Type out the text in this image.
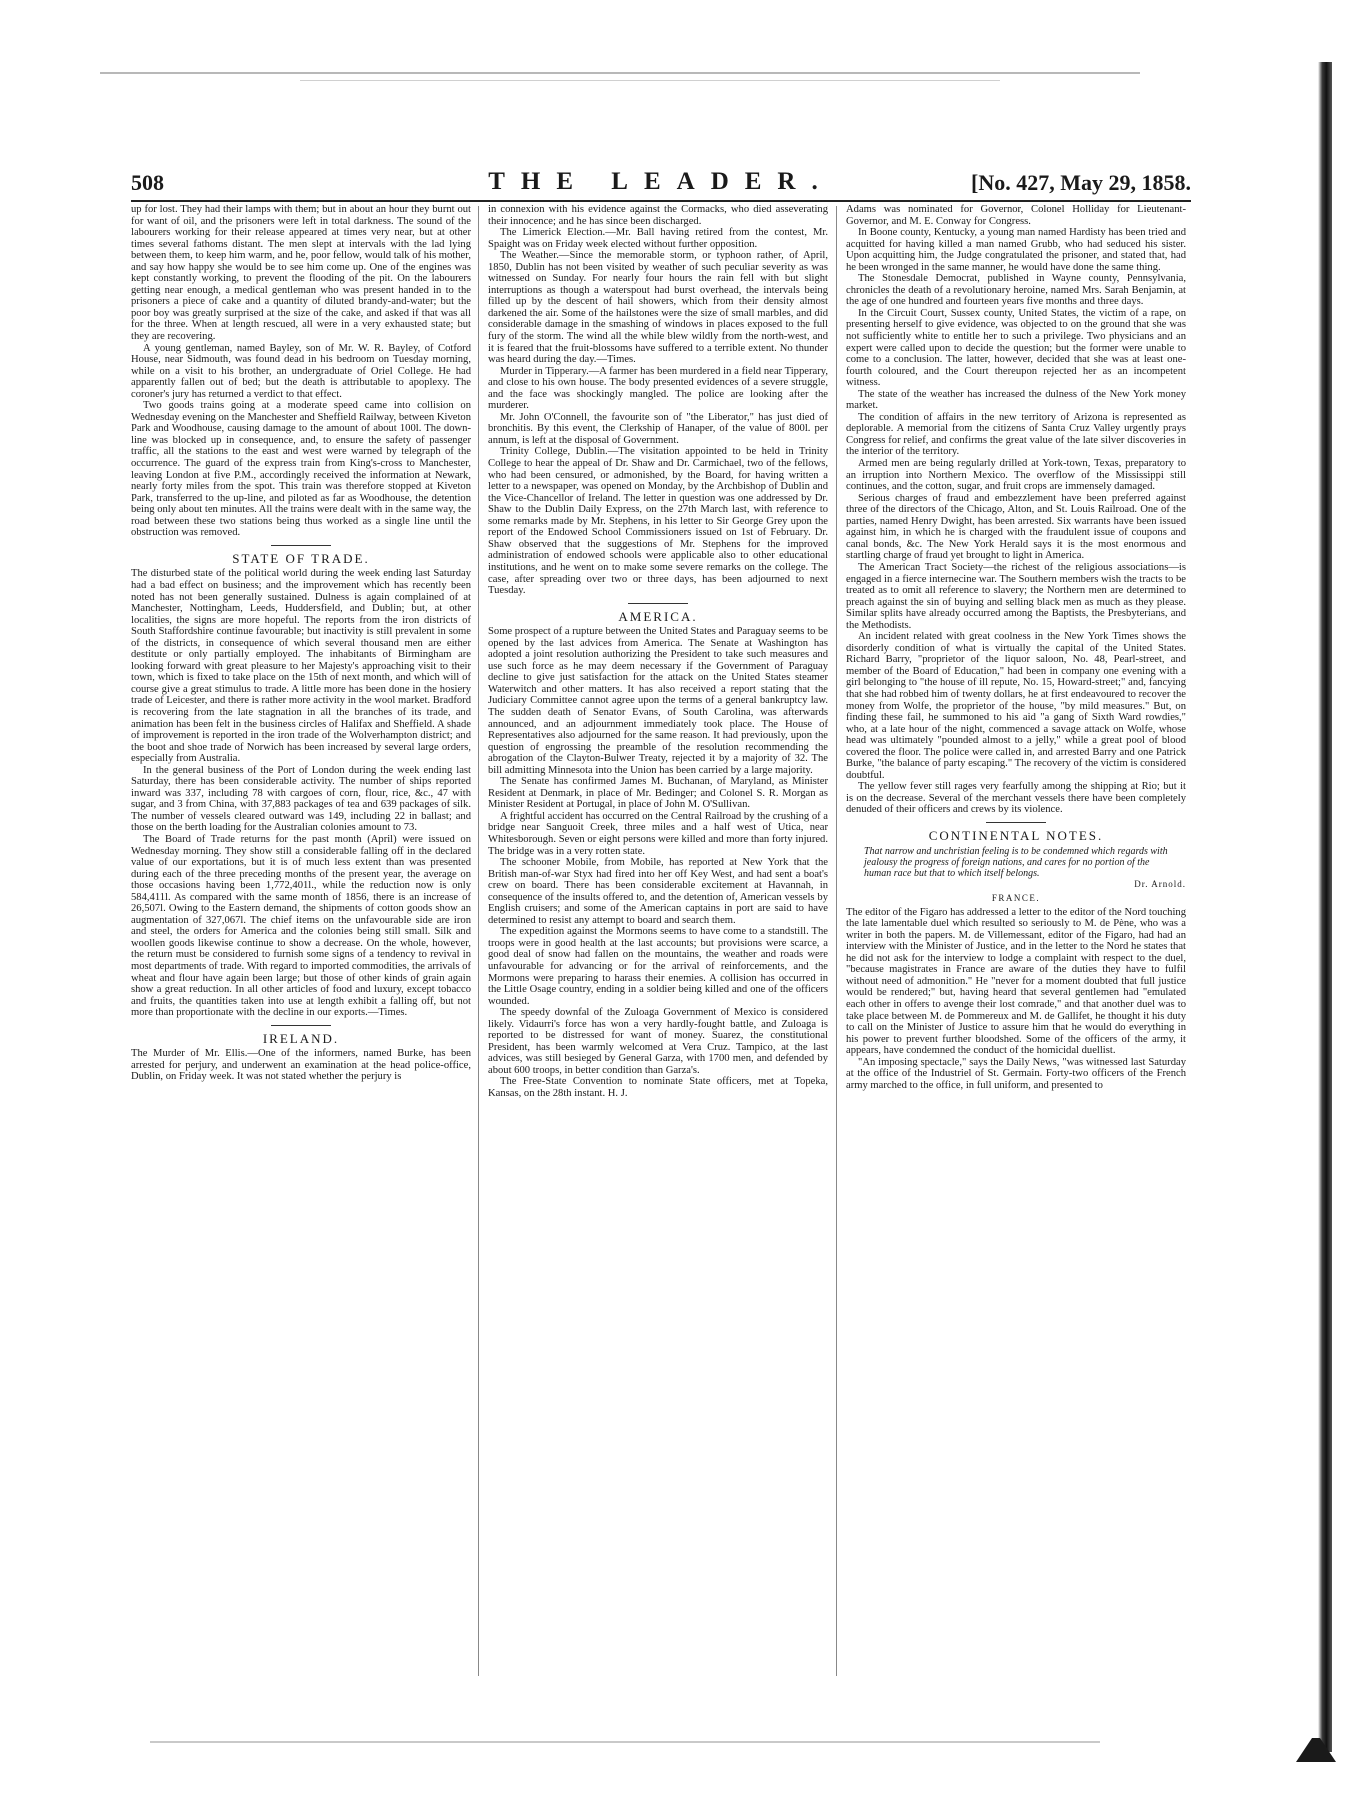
508	THE LEADER.	[No. 427, May 29, 1858.

up for lost. They had their lamps with them; but in about an hour they burnt out for want of oil, and the prisoners were left in total darkness. The sound of the labourers working for their release appeared at times very near, but at other times several fathoms distant. The men slept at intervals with the lad lying between them, to keep him warm, and he, poor fellow, would talk of his mother, and say how happy she would be to see him come up. One of the engines was kept constantly working, to prevent the flooding of the pit. On the labourers getting near enough, a medical gentleman who was present handed in to the prisoners a piece of cake and a quantity of diluted brandy-and-water; but the poor boy was greatly surprised at the size of the cake, and asked if that was all for the three. When at length rescued, all were in a very exhausted state; but they are recovering.

A young gentleman, named Bayley, son of Mr. W. R. Bayley, of Cotford House, near Sidmouth, was found dead in his bedroom on Tuesday morning, while on a visit to his brother, an undergraduate of Oriel College. He had apparently fallen out of bed; but the death is attributable to apoplexy. The coroner's jury has returned a verdict to that effect.

Two goods trains going at a moderate speed came into collision on Wednesday evening on the Manchester and Sheffield Railway, between Kiveton Park and Woodhouse, causing damage to the amount of about 100l. The down-line was blocked up in consequence, and, to ensure the safety of passenger traffic, all the stations to the east and west were warned by telegraph of the occurrence. The guard of the express train from King's-cross to Manchester, leaving London at five P.M., accordingly received the information at Newark, nearly forty miles from the spot. This train was therefore stopped at Kiveton Park, transferred to the up-line, and piloted as far as Woodhouse, the detention being only about ten minutes. All the trains were dealt with in the same way, the road between these two stations being thus worked as a single line until the obstruction was removed.

STATE OF TRADE.

The disturbed state of the political world during the week ending last Saturday had a bad effect on business; and the improvement which has recently been noted has not been generally sustained. Dulness is again complained of at Manchester, Nottingham, Leeds, Huddersfield, and Dublin; but, at other localities, the signs are more hopeful. The reports from the iron districts of South Staffordshire continue favourable; but inactivity is still prevalent in some of the districts, in consequence of which several thousand men are either destitute or only partially employed. The inhabitants of Birmingham are looking forward with great pleasure to her Majesty's approaching visit to their town, which is fixed to take place on the 15th of next month, and which will of course give a great stimulus to trade. A little more has been done in the hosiery trade of Leicester, and there is rather more activity in the wool market. Bradford is recovering from the late stagnation in all the branches of its trade, and animation has been felt in the business circles of Halifax and Sheffield. A shade of improvement is reported in the iron trade of the Wolverhampton district; and the boot and shoe trade of Norwich has been increased by several large orders, especially from Australia.

In the general business of the Port of London during the week ending last Saturday, there has been considerable activity. The number of ships reported inward was 337, including 78 with cargoes of corn, flour, rice, &c., 47 with sugar, and 3 from China, with 37,883 packages of tea and 639 packages of silk. The number of vessels cleared outward was 149, including 22 in ballast; and those on the berth loading for the Australian colonies amount to 73.

The Board of Trade returns for the past month (April) were issued on Wednesday morning. They show still a considerable falling off in the declared value of our exportations, but it is of much less extent than was presented during each of the three preceding months of the present year, the average on those occasions having been 1,772,401l., while the reduction now is only 584,411l. As compared with the same month of 1856, there is an increase of 26,507l. Owing to the Eastern demand, the shipments of cotton goods show an augmentation of 327,067l. The chief items on the unfavourable side are iron and steel, the orders for America and the colonies being still small. Silk and woollen goods likewise continue to show a decrease. On the whole, however, the return must be considered to furnish some signs of a tendency to revival in most departments of trade. With regard to imported commodities, the arrivals of wheat and flour have again been large; but those of other kinds of grain again show a great reduction. In all other articles of food and luxury, except tobacco and fruits, the quantities taken into use at length exhibit a falling off, but not more than proportionate with the decline in our exports.—Times.

IRELAND.

The Murder of Mr. Ellis.—One of the informers, named Burke, has been arrested for perjury, and underwent an examination at the head police-office, Dublin, on Friday week. It was not stated whether the perjury is

in connexion with his evidence against the Cormacks, who died asseverating their innocence; and he has since been discharged.

The Limerick Election.—Mr. Ball having retired from the contest, Mr. Spaight was on Friday week elected without further opposition.

The Weather.—Since the memorable storm, or typhoon rather, of April, 1850, Dublin has not been visited by weather of such peculiar severity as was witnessed on Sunday. For nearly four hours the rain fell with but slight interruptions as though a waterspout had burst overhead, the intervals being filled up by the descent of hail showers, which from their density almost darkened the air. Some of the hailstones were the size of small marbles, and did considerable damage in the smashing of windows in places exposed to the full fury of the storm. The wind all the while blew wildly from the north-west, and it is feared that the fruit-blossoms have suffered to a terrible extent. No thunder was heard during the day.—Times.

Murder in Tipperary.—A farmer has been murdered in a field near Tipperary, and close to his own house. The body presented evidences of a severe struggle, and the face was shockingly mangled. The police are looking after the murderer.

Mr. John O'Connell, the favourite son of "the Liberator," has just died of bronchitis. By this event, the Clerkship of Hanaper, of the value of 800l. per annum, is left at the disposal of Government.

Trinity College, Dublin.—The visitation appointed to be held in Trinity College to hear the appeal of Dr. Shaw and Dr. Carmichael, two of the fellows, who had been censured, or admonished, by the Board, for having written a letter to a newspaper, was opened on Monday, by the Archbishop of Dublin and the Vice-Chancellor of Ireland. The letter in question was one addressed by Dr. Shaw to the Dublin Daily Express, on the 27th March last, with reference to some remarks made by Mr. Stephens, in his letter to Sir George Grey upon the report of the Endowed School Commissioners issued on 1st of February. Dr. Shaw observed that the suggestions of Mr. Stephens for the improved administration of endowed schools were applicable also to other educational institutions, and he went on to make some severe remarks on the college. The case, after spreading over two or three days, has been adjourned to next Tuesday.

AMERICA.

Some prospect of a rupture between the United States and Paraguay seems to be opened by the last advices from America. The Senate at Washington has adopted a joint resolution authorizing the President to take such measures and use such force as he may deem necessary if the Government of Paraguay decline to give just satisfaction for the attack on the United States steamer Waterwitch and other matters. It has also received a report stating that the Judiciary Committee cannot agree upon the terms of a general bankruptcy law. The sudden death of Senator Evans, of South Carolina, was afterwards announced, and an adjournment immediately took place. The House of Representatives also adjourned for the same reason. It had previously, upon the question of engrossing the preamble of the resolution recommending the abrogation of the Clayton-Bulwer Treaty, rejected it by a majority of 32. The bill admitting Minnesota into the Union has been carried by a large majority.

The Senate has confirmed James M. Buchanan, of Maryland, as Minister Resident at Denmark, in place of Mr. Bedinger; and Colonel S. R. Morgan as Minister Resident at Portugal, in place of John M. O'Sullivan.

A frightful accident has occurred on the Central Railroad by the crushing of a bridge near Sanguoit Creek, three miles and a half west of Utica, near Whitesborough. Seven or eight persons were killed and more than forty injured. The bridge was in a very rotten state.

The schooner Mobile, from Mobile, has reported at New York that the British man-of-war Styx had fired into her off Key West, and had sent a boat's crew on board. There has been considerable excitement at Havannah, in consequence of the insults offered to, and the detention of, American vessels by English cruisers; and some of the American captains in port are said to have determined to resist any attempt to board and search them.

The expedition against the Mormons seems to have come to a standstill. The troops were in good health at the last accounts; but provisions were scarce, a good deal of snow had fallen on the mountains, the weather and roads were unfavourable for advancing or for the arrival of reinforcements, and the Mormons were preparing to harass their enemies. A collision has occurred in the Little Osage country, ending in a soldier being killed and one of the officers wounded.

The speedy downfal of the Zuloaga Government of Mexico is considered likely. Vidaurri's force has won a very hardly-fought battle, and Zuloaga is reported to be distressed for want of money. Suarez, the constitutional President, has been warmly welcomed at Vera Cruz. Tampico, at the last advices, was still besieged by General Garza, with 1700 men, and defended by about 600 troops, in better condition than Garza's.

The Free-State Convention to nominate State officers, met at Topeka, Kansas, on the 28th instant. H. J.

Adams was nominated for Governor, Colonel Holliday for Lieutenant-Governor, and M. E. Conway for Congress.

In Boone county, Kentucky, a young man named Hardisty has been tried and acquitted for having killed a man named Grubb, who had seduced his sister. Upon acquitting him, the Judge congratulated the prisoner, and stated that, had he been wronged in the same manner, he would have done the same thing.

The Stonesdale Democrat, published in Wayne county, Pennsylvania, chronicles the death of a revolutionary heroine, named Mrs. Sarah Benjamin, at the age of one hundred and fourteen years five months and three days.

In the Circuit Court, Sussex county, United States, the victim of a rape, on presenting herself to give evidence, was objected to on the ground that she was not sufficiently white to entitle her to such a privilege. Two physicians and an expert were called upon to decide the question; but the former were unable to come to a conclusion. The latter, however, decided that she was at least one-fourth coloured, and the Court thereupon rejected her as an incompetent witness.

The state of the weather has increased the dulness of the New York money market.

The condition of affairs in the new territory of Arizona is represented as deplorable. A memorial from the citizens of Santa Cruz Valley urgently prays Congress for relief, and confirms the great value of the late silver discoveries in the interior of the territory.

Armed men are being regularly drilled at York-town, Texas, preparatory to an irruption into Northern Mexico. The overflow of the Mississippi still continues, and the cotton, sugar, and fruit crops are immensely damaged.

Serious charges of fraud and embezzlement have been preferred against three of the directors of the Chicago, Alton, and St. Louis Railroad. One of the parties, named Henry Dwight, has been arrested. Six warrants have been issued against him, in which he is charged with the fraudulent issue of coupons and canal bonds, &c. The New York Herald says it is the most enormous and startling charge of fraud yet brought to light in America.

The American Tract Society—the richest of the religious associations—is engaged in a fierce internecine war. The Southern members wish the tracts to be treated as to omit all reference to slavery; the Northern men are determined to preach against the sin of buying and selling black men as much as they please. Similar splits have already occurred among the Baptists, the Presbyterians, and the Methodists.

An incident related with great coolness in the New York Times shows the disorderly condition of what is virtually the capital of the United States. Richard Barry, "proprietor of the liquor saloon, No. 48, Pearl-street, and member of the Board of Education," had been in company one evening with a girl belonging to "the house of ill repute, No. 15, Howard-street;" and, fancying that she had robbed him of twenty dollars, he at first endeavoured to recover the money from Wolfe, the proprietor of the house, "by mild measures." But, on finding these fail, he summoned to his aid "a gang of Sixth Ward rowdies," who, at a late hour of the night, commenced a savage attack on Wolfe, whose head was ultimately "pounded almost to a jelly," while a great pool of blood covered the floor. The police were called in, and arrested Barry and one Patrick Burke, "the balance of party escaping." The recovery of the victim is considered doubtful.

The yellow fever still rages very fearfully among the shipping at Rio; but it is on the decrease. Several of the merchant vessels there have been completely denuded of their officers and crews by its violence.

CONTINENTAL NOTES.

That narrow and unchristian feeling is to be condemned which regards with jealousy the progress of foreign nations, and cares for no portion of the human race but that to which itself belongs.

Dr. Arnold.

FRANCE.

The editor of the Figaro has addressed a letter to the editor of the Nord touching the late lamentable duel which resulted so seriously to M. de Pène, who was a writer in both the papers. M. de Villemessant, editor of the Figaro, had had an interview with the Minister of Justice, and in the letter to the Nord he states that he did not ask for the interview to lodge a complaint with respect to the duel, "because magistrates in France are aware of the duties they have to fulfil without need of admonition." He "never for a moment doubted that full justice would be rendered;" but, having heard that several gentlemen had "emulated each other in offers to avenge their lost comrade," and that another duel was to take place between M. de Pommereux and M. de Gallifet, he thought it his duty to call on the Minister of Justice to assure him that he would do everything in his power to prevent further bloodshed. Some of the officers of the army, it appears, have condemned the conduct of the homicidal duellist.

"An imposing spectacle," says the Daily News, "was witnessed last Saturday at the office of the Industriel of St. Germain. Forty-two officers of the French army marched to the office, in full uniform, and presented to
